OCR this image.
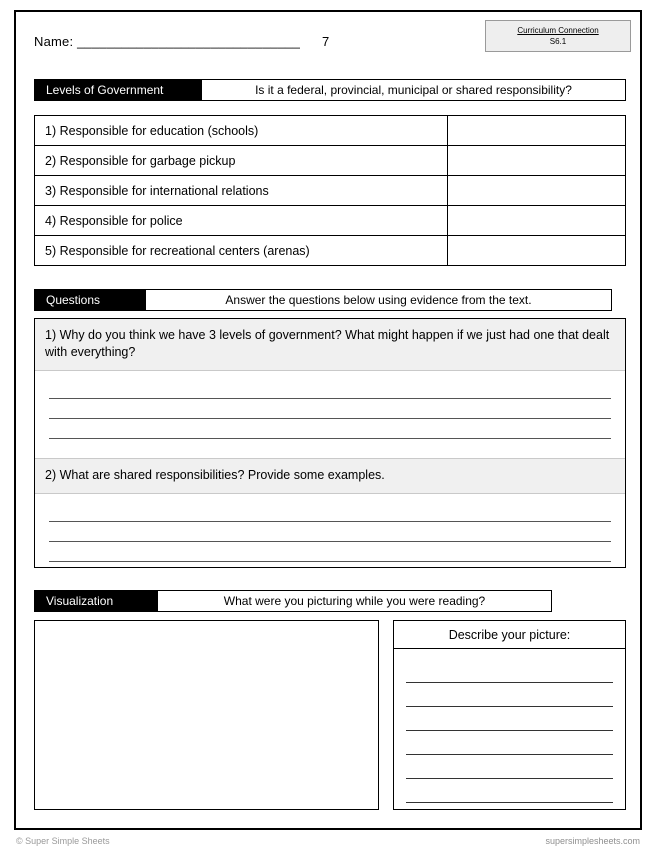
Name: ______________________________ 7
Curriculum Connection
S6.1
Levels of Government	Is it a federal, provincial, municipal or shared responsibility?
1) Responsible for education (schools)	
2) Responsible for garbage pickup	
3) Responsible for international relations	
4) Responsible for police	
5) Responsible for recreational centers (arenas)	
Questions	Answer the questions below using evidence from the text.
1) Why do you think we have 3 levels of government? What might happen if we just had one that dealt with everything?
2) What are shared responsibilities? Provide some examples.
Visualization	What were you picturing while you were reading?
Describe your picture:
© Super Simple Sheets	supersimplesheets.com
